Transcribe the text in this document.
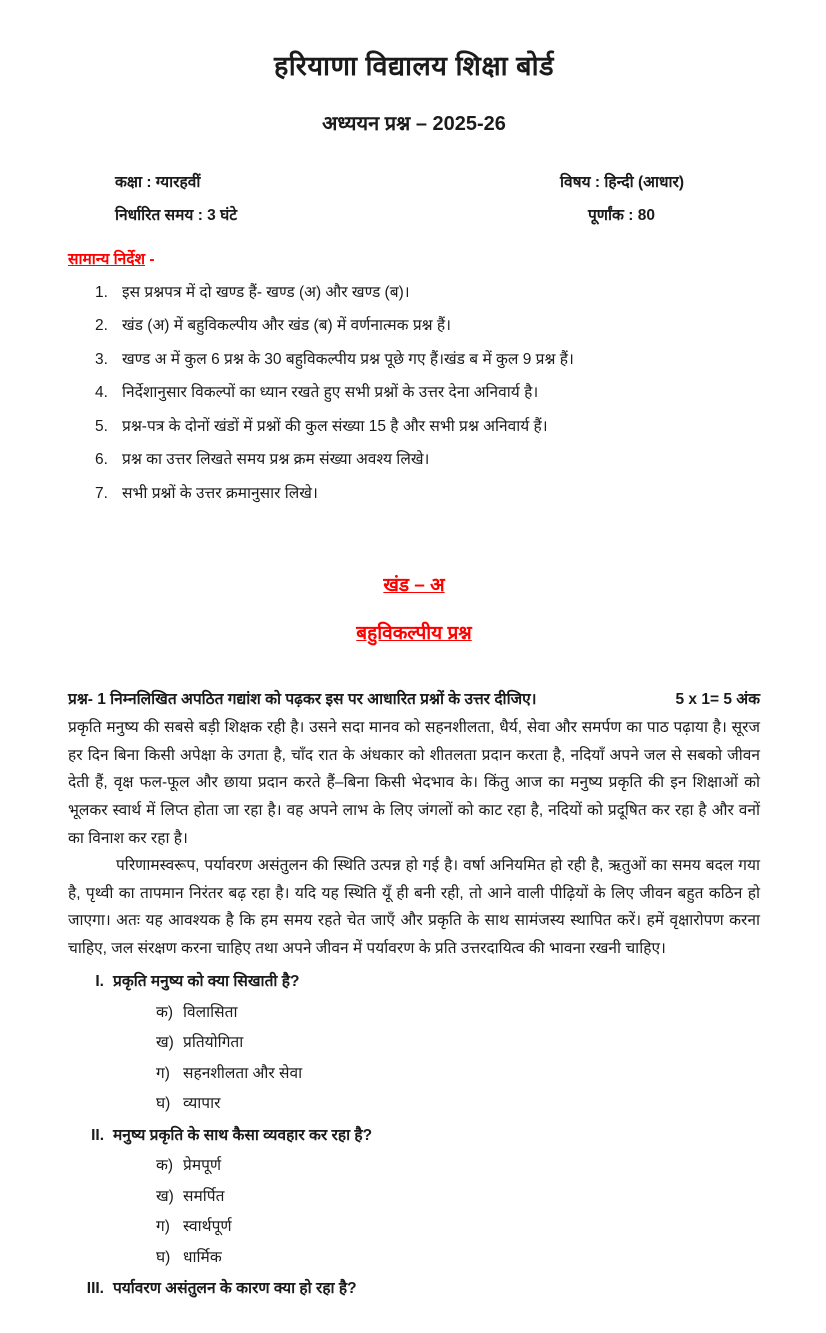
हरियाणा विद्यालय शिक्षा बोर्ड
अध्ययन प्रश्न – 2025-26
कक्षा : ग्यारहवीं	विषय : हिन्दी (आधार)
निर्धारित समय : 3 घंटे	पूर्णांक : 80
सामान्य निर्देश -
1. इस प्रश्नपत्र में दो खण्ड हैं- खण्ड (अ) और खण्ड (ब)।
2. खंड (अ) में बहुविकल्पीय और खंड (ब) में वर्णनात्मक प्रश्न हैं।
3. खण्ड अ में कुल 6 प्रश्न के 30 बहुविकल्पीय प्रश्न पूछे गए हैं।खंड ब में कुल 9 प्रश्न हैं।
4. निर्देशानुसार विकल्पों का ध्यान रखते हुए सभी प्रश्नों के उत्तर देना अनिवार्य है।
5. प्रश्न-पत्र के दोनों खंडों में प्रश्नों की कुल संख्या 15 है और सभी प्रश्न अनिवार्य हैं।
6. प्रश्न का उत्तर लिखते समय प्रश्न क्रम संख्या अवश्य लिखे।
7. सभी प्रश्नों के उत्तर क्रमानुसार लिखे।
खंड – अ
बहुविकल्पीय प्रश्न
प्रश्न- 1 निम्नलिखित अपठित गद्यांश को पढ़कर इस पर आधारित प्रश्नों के उत्तर दीजिए।	5 x 1= 5 अंक

प्रकृति मनुष्य की सबसे बड़ी शिक्षक रही है। उसने सदा मानव को सहनशीलता, धैर्य, सेवा और समर्पण का पाठ पढ़ाया है। सूरज हर दिन बिना किसी अपेक्षा के उगता है, चाँद रात के अंधकार को शीतलता प्रदान करता है, नदियाँ अपने जल से सबको जीवन देती हैं, वृक्ष फल-फूल और छाया प्रदान करते हैं–बिना किसी भेदभाव के। किंतु आज का मनुष्य प्रकृति की इन शिक्षाओं को भूलकर स्वार्थ में लिप्त होता जा रहा है। वह अपने लाभ के लिए जंगलों को काट रहा है, नदियों को प्रदूषित कर रहा है और वनों का विनाश कर रहा है।

परिणामस्वरूप, पर्यावरण असंतुलन की स्थिति उत्पन्न हो गई है। वर्षा अनियमित हो रही है, ऋतुओं का समय बदल गया है, पृथ्वी का तापमान निरंतर बढ़ रहा है। यदि यह स्थिति यूँ ही बनी रही, तो आने वाली पीढ़ियों के लिए जीवन बहुत कठिन हो जाएगा। अतः यह आवश्यक है कि हम समय रहते चेत जाएँ और प्रकृति के साथ सामंजस्य स्थापित करें। हमें वृक्षारोपण करना चाहिए, जल संरक्षण करना चाहिए तथा अपने जीवन में पर्यावरण के प्रति उत्तरदायित्व की भावना रखनी चाहिए।

I. प्रकृति मनुष्य को क्या सिखाती है?
क) विलासिता
ख) प्रतियोगिता
ग) सहनशीलता और सेवा
घ) व्यापार
II. मनुष्य प्रकृति के साथ कैसा व्यवहार कर रहा है?
क) प्रेमपूर्ण
ख) समर्पित
ग) स्वार्थपूर्ण
घ) धार्मिक
III. पर्यावरण असंतुलन के कारण क्या हो रहा है?
